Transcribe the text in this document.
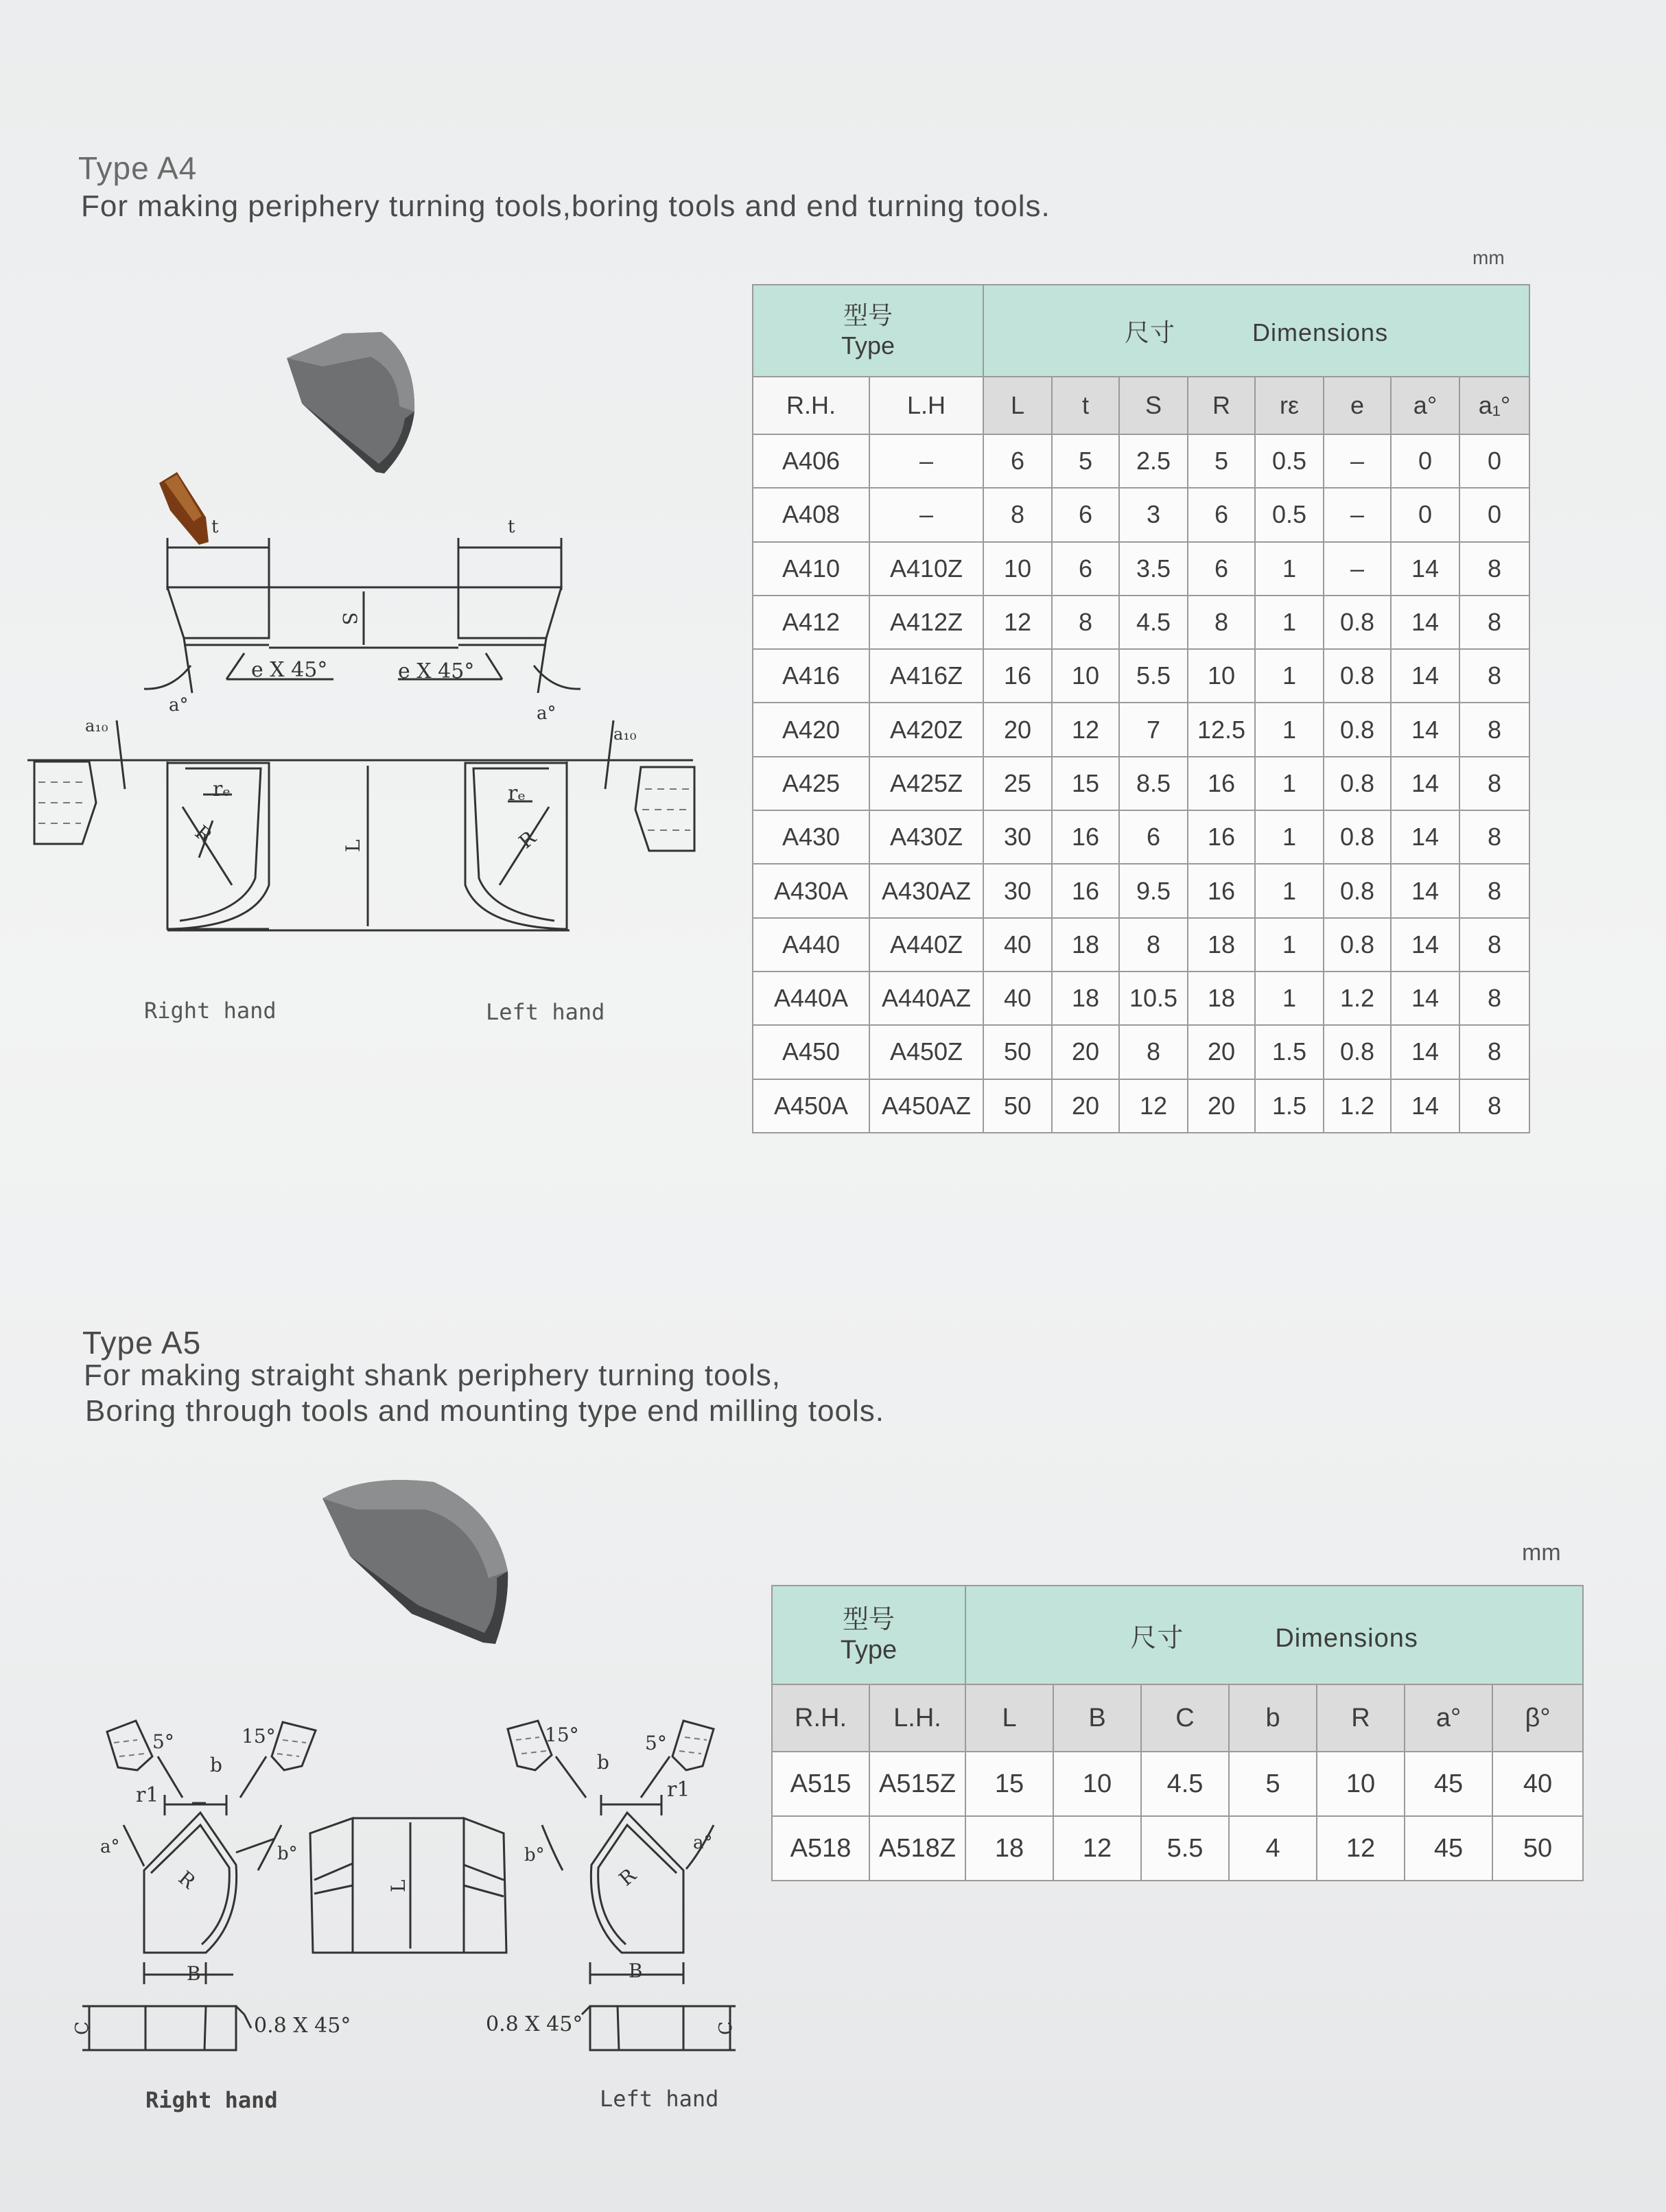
Type A4
For making periphery turning tools,boring tools and end turning tools.
mm
型号
Type		尺寸 Dimensions							
R.H.	L.H	L	t	S	R	rε	e	a°	a₁°
A406	–	6	5	2.5	5	0.5	–	0	0
A408	–	8	6	3	6	0.5	–	0	0
A410	A410Z	10	6	3.5	6	1	–	14	8
A412	A412Z	12	8	4.5	8	1	0.8	14	8
A416	A416Z	16	10	5.5	10	1	0.8	14	8
A420	A420Z	20	12	7	12.5	1	0.8	14	8
A425	A425Z	25	15	8.5	16	1	0.8	14	8
A430	A430Z	30	16	6	16	1	0.8	14	8
A430A	A430AZ	30	16	9.5	16	1	0.8	14	8
A440	A440Z	40	18	8	18	1	0.8	14	8
A440A	A440AZ	40	18	10.5	18	1	1.2	14	8
A450	A450Z	50	20	8	20	1.5	0.8	14	8
A450A	A450AZ	50	20	12	20	1.5	1.2	14	8
t	t
S
e X 45°	e X 45°
a°	a°
a₁₀	a₁₀
rₑ	rₑ
R	R
L
Right hand	Left hand
Type A5
For making straight shank periphery turning tools,
Boring through tools and mounting type end milling tools.
mm
型号
Type		尺寸 Dimensions						
R.H.	L.H.	L	B	C	b	R	a°	β°
A515	A515Z	15	10	4.5	5	10	45	40
A518	A518Z	18	12	5.5	4	12	45	50
5°	15°	15°	5°
b	b
r1	r1
a°	b°	b°
a°
R	R
L
B	B
C	C
0.8 X 45°	0.8 X 45°
Right hand	Left hand
